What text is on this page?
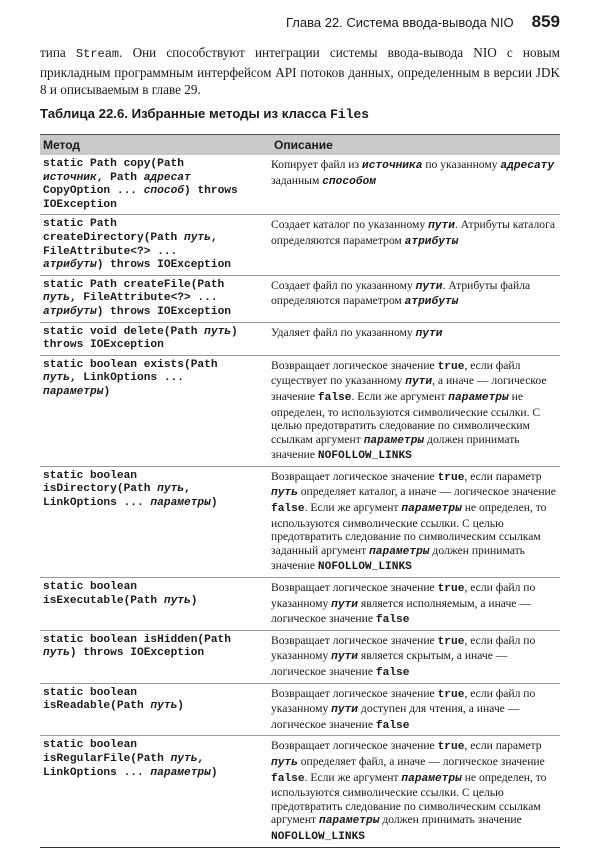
Глава 22. Система ввода-вывода NIO 859
типа Stream. Они способствуют интеграции системы ввода-вывода NIO с новым прикладным программным интерфейсом API потоков данных, определенным в версии JDK 8 и описываемым в главе 29.
Таблица 22.6. Избранные методы из класса Files
Метод	Описание
static Path copy(Path
источник, Path адресат
CopyOption ... способ) throws
IOException
Копирует файл из источника по указанному адресату заданным способом
static Path
createDirectory(Path путь,
FileAttribute<?> ...
атрибуты) throws IOException
Создает каталог по указанному пути. Атрибуты каталога определяются параметром атрибуты
static Path createFile(Path
путь, FileAttribute<?> ...
атрибуты) throws IOException
Создает файл по указанному пути. Атрибуты файла определяются параметром атрибуты
static void delete(Path путь)
throws IOException
Удаляет файл по указанному пути
static boolean exists(Path
путь, LinkOptions ...
параметры)
Возвращает логическое значение true, если файл существует по указанному пути, а иначе — логическое значение false. Если же аргумент параметры не определен, то используются символические ссылки. С целью предотвратить следование по символическим ссылкам аргумент параметры должен принимать значение NOFOLLOW_LINKS
static boolean
isDirectory(Path путь,
LinkOptions ... параметры)
Возвращает логическое значение true, если параметр путь определяет каталог, а иначе — логическое значение false. Если же аргумент параметры не определен, то используются символические ссылки. С целью предотвратить следование по символическим ссылкам заданный аргумент параметры должен принимать значение NOFOLLOW_LINKS
static boolean
isExecutable(Path путь)
Возвращает логическое значение true, если файл по указанному пути является исполняемым, а иначе — логическое значение false
static boolean isHidden(Path
путь) throws IOException
Возвращает логическое значение true, если файл по указанному пути является скрытым, а иначе — логическое значение false
static boolean
isReadable(Path путь)
Возвращает логическое значение true, если файл по указанному пути доступен для чтения, а иначе — логическое значение false
static boolean
isRegularFile(Path путь,
LinkOptions ... параметры)
Возвращает логическое значение true, если параметр путь определяет файл, а иначе — логическое значение false. Если же аргумент параметры не определен, то используются символические ссылки. С целью предотвратить следование по символическим ссылкам аргумент параметры должен принимать значение NOFOLLOW_LINKS
